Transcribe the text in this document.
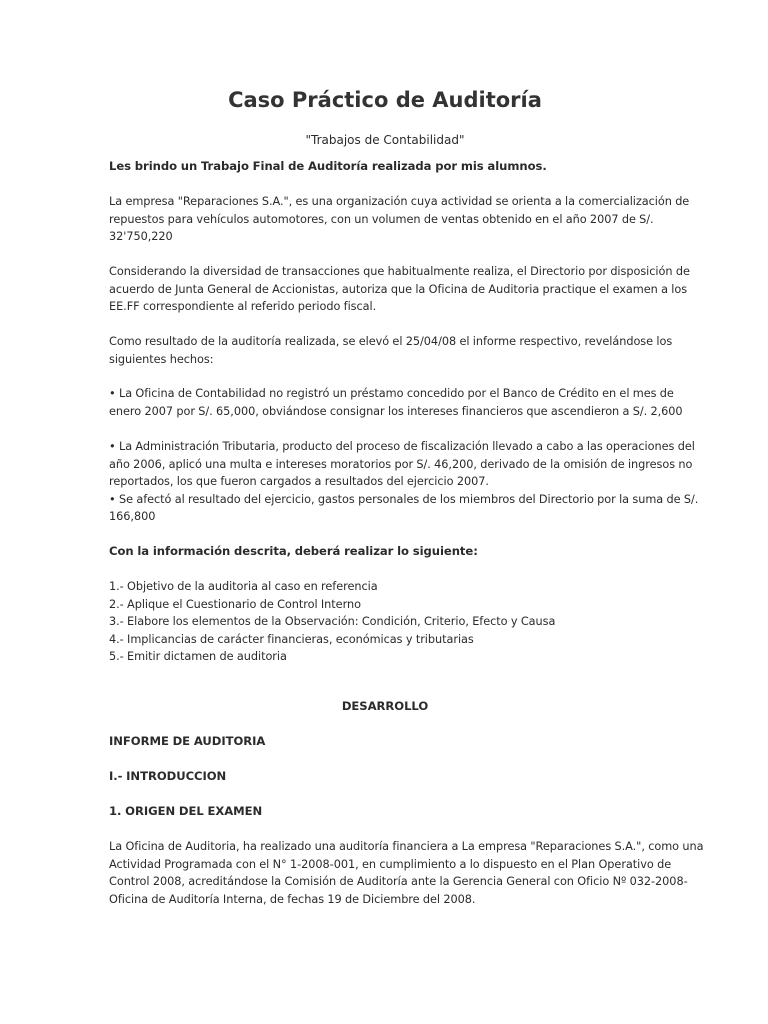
Caso Práctico de Auditoría
"Trabajos de Contabilidad"

Les brindo un Trabajo Final de Auditoría realizada por mis alumnos.

La empresa "Reparaciones S.A.", es una organización cuya actividad se orienta a la comercialización de
repuestos para vehículos automotores, con un volumen de ventas obtenido en el año 2007 de S/.
32'750,220

Considerando la diversidad de transacciones que habitualmente realiza, el Directorio por disposición de
acuerdo de Junta General de Accionistas, autoriza que la Oficina de Auditoria practique el examen a los
EE.FF correspondiente al referido periodo fiscal.

Como resultado de la auditoría realizada, se elevó el 25/04/08 el informe respectivo, revelándose los
siguientes hechos:

• La Oficina de Contabilidad no registró un préstamo concedido por el Banco de Crédito en el mes de
enero 2007 por S/. 65,000, obviándose consignar los intereses financieros que ascendieron a S/. 2,600

• La Administración Tributaria, producto del proceso de fiscalización llevado a cabo a las operaciones del
año 2006, aplicó una multa e intereses moratorios por S/. 46,200, derivado de la omisión de ingresos no
reportados, los que fueron cargados a resultados del ejercicio 2007.
• Se afectó al resultado del ejercicio, gastos personales de los miembros del Directorio por la suma de S/.
166,800

Con la información descrita, deberá realizar lo siguiente:

1.- Objetivo de la auditoria al caso en referencia
2.- Aplique el Cuestionario de Control Interno
3.- Elabore los elementos de la Observación: Condición, Criterio, Efecto y Causa
4.- Implicancias de carácter financieras, económicas y tributarias
5.- Emitir dictamen de auditoria

DESARROLLO

INFORME DE AUDITORIA

I.- INTRODUCCION

1. ORIGEN DEL EXAMEN

La Oficina de Auditoria, ha realizado una auditoría financiera a La empresa "Reparaciones S.A.", como una
Actividad Programada con el N° 1-2008-001, en cumplimiento a lo dispuesto en el Plan Operativo de
Control 2008, acreditándose la Comisión de Auditoría ante la Gerencia General con Oficio Nº 032-2008-
Oficina de Auditoría Interna, de fechas 19 de Diciembre del 2008.
